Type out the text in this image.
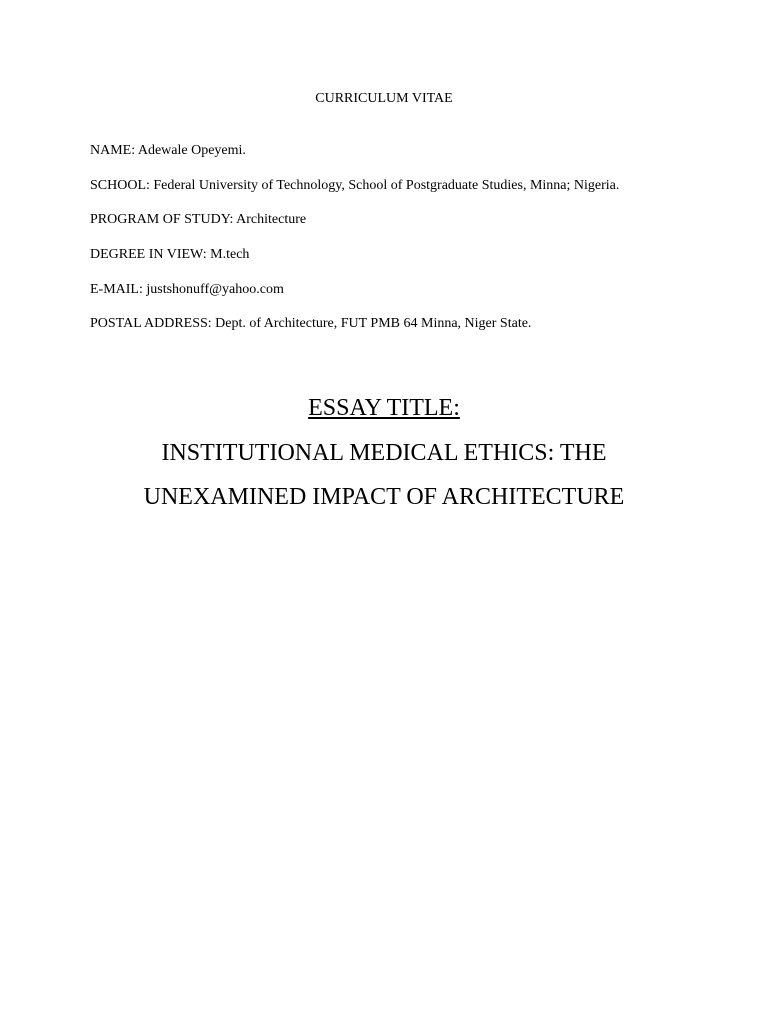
CURRICULUM VITAE
NAME: Adewale Opeyemi.
SCHOOL: Federal University of Technology, School of Postgraduate Studies, Minna; Nigeria.
PROGRAM OF STUDY: Architecture
DEGREE IN VIEW: M.tech
E-MAIL: justshonuff@yahoo.com
POSTAL ADDRESS: Dept. of Architecture, FUT PMB 64 Minna, Niger State.
ESSAY TITLE:
INSTITUTIONAL MEDICAL ETHICS: THE
UNEXAMINED IMPACT OF ARCHITECTURE
